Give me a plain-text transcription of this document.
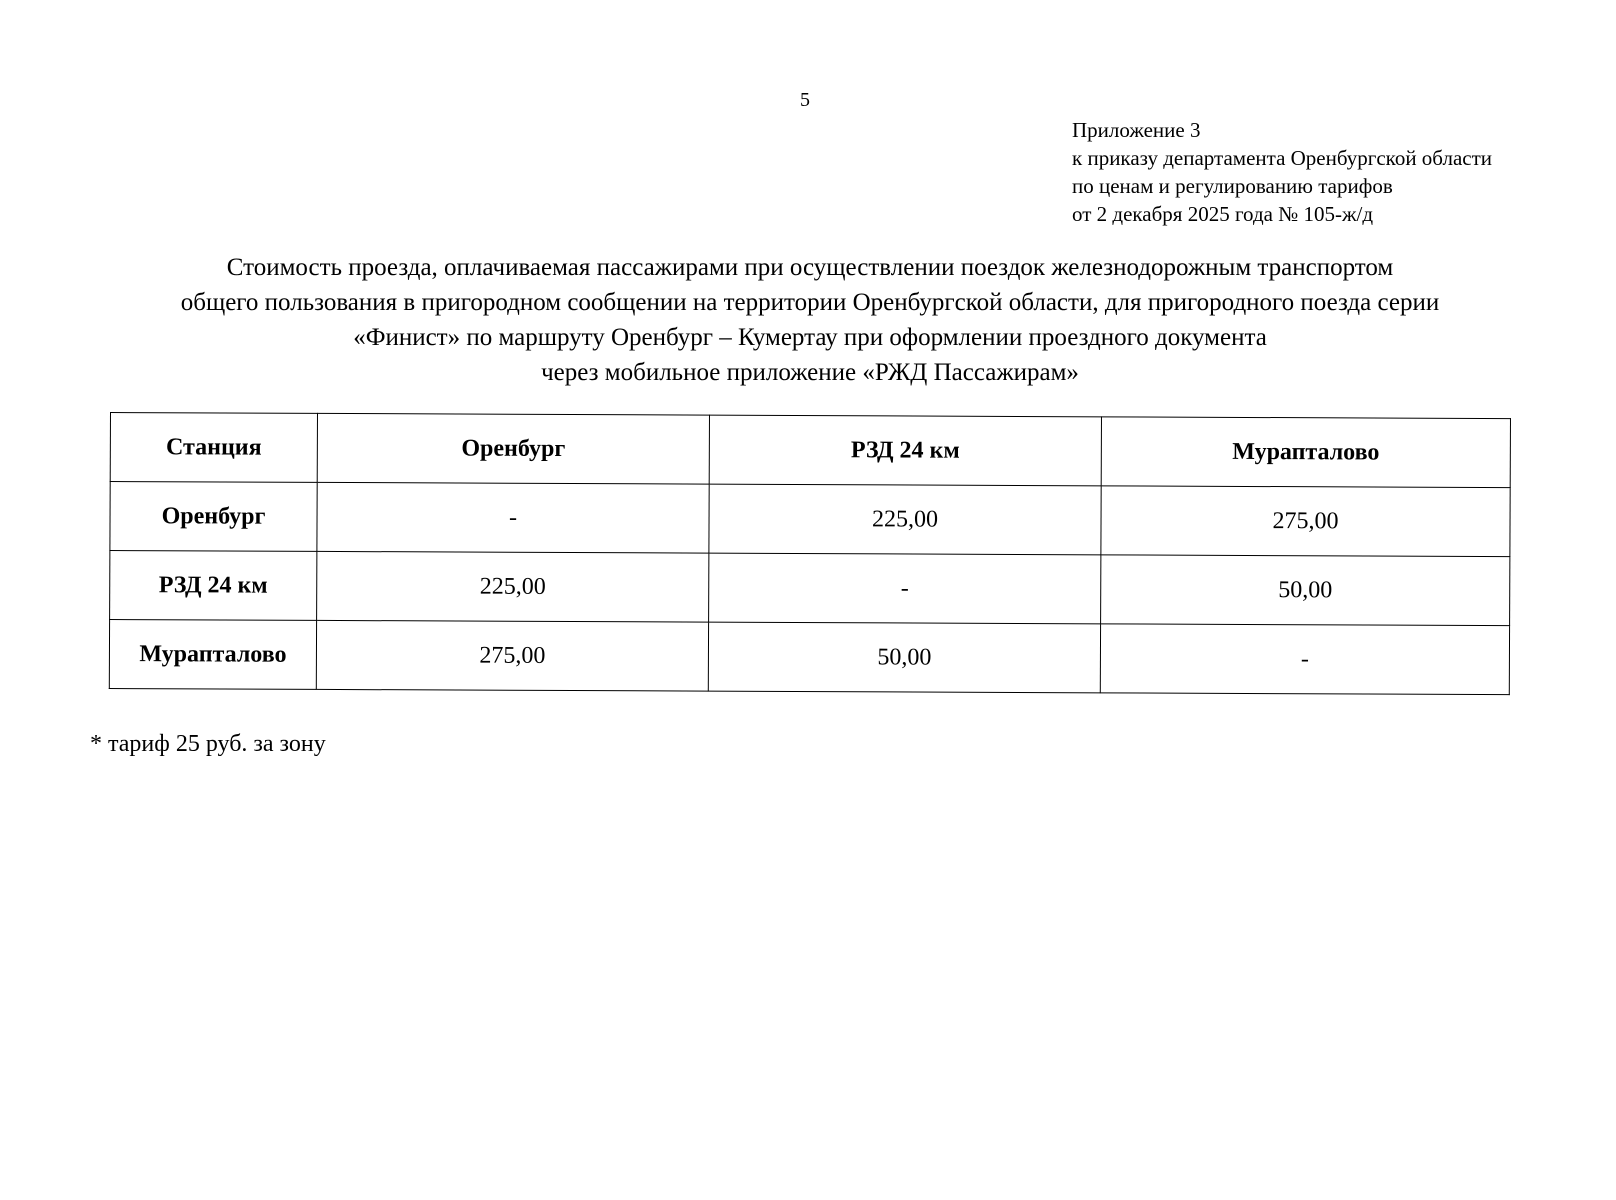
5
Приложение 3
к приказу департамента Оренбургской области
по ценам и регулированию тарифов
от 2 декабря 2025 года № 105-ж/д
Стоимость проезда, оплачиваемая пассажирами при осуществлении поездок железнодорожным транспортом
общего пользования в пригородном сообщении на территории Оренбургской области, для пригородного поезда серии
«Финист» по маршруту Оренбург – Кумертау при оформлении проездного документа
через мобильное приложение «РЖД Пассажирам»
Станция	Оренбург	РЗД 24 км	Мурапталово
Оренбург	-	225,00	275,00
РЗД 24 км	225,00	-	50,00
Мурапталово	275,00	50,00	-
* тариф 25 руб. за зону
